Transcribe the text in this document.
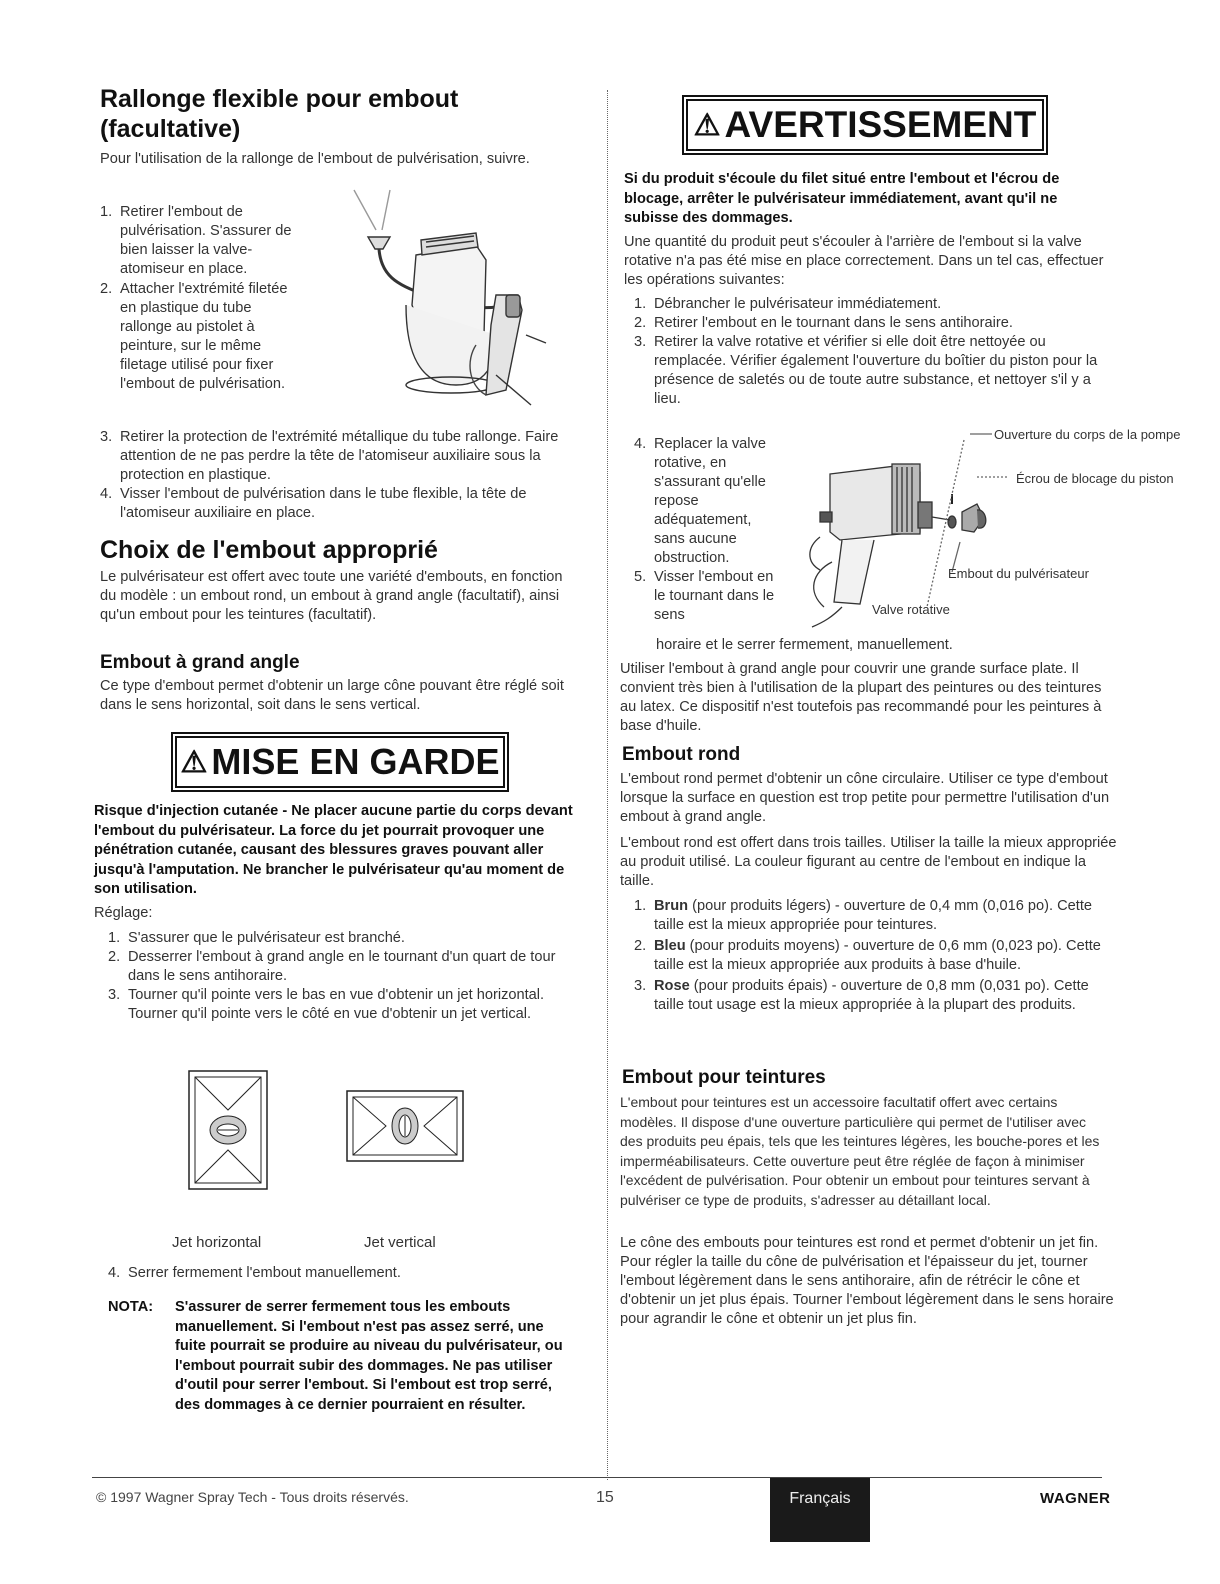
Rallonge flexible pour embout
(facultative)

Pour l'utilisation de la rallonge de l'embout de pulvérisation, suivre.

1. Retirer l'embout de pulvérisation. S'assurer de bien laisser la valve-atomiseur en place.
2. Attacher l'extrémité filetée en plastique du tube rallonge au pistolet à peinture, sur le même filetage utilisé pour fixer l'embout de pulvérisation.
3. Retirer la protection de l'extrémité métallique du tube rallonge. Faire attention de ne pas perdre la tête de l'atomiseur auxiliaire sous la protection en plastique.
4. Visser l'embout de pulvérisation dans le tube flexible, la tête de l'atomiseur auxiliaire en place.
Choix de l'embout approprié

Le pulvérisateur est offert avec toute une variété d'embouts, en fonction du modèle : un embout rond, un embout à grand angle (facultatif), ainsi qu'un embout pour les teintures (facultatif).

Embout à grand angle

Ce type d'embout permet d'obtenir un large cône pouvant être réglé soit dans le sens horizontal, soit dans le sens vertical.

⚠ MISE EN GARDE

Risque d'injection cutanée - Ne placer aucune partie du corps devant l'embout du pulvérisateur. La force du jet pourrait provoquer une pénétration cutanée, causant des blessures graves pouvant aller jusqu'à l'amputation. Ne brancher le pulvérisateur qu'au moment de son utilisation.

Réglage:

1. S'assurer que le pulvérisateur est branché.
2. Desserrer l'embout à grand angle en le tournant d'un quart de tour dans le sens antihoraire.
3. Tourner qu'il pointe vers le bas en vue d'obtenir un jet horizontal. Tourner qu'il pointe vers le côté en vue d'obtenir un jet vertical.
Jet horizontal	Jet vertical
4. Serrer fermement l'embout manuellement.
NOTA: S'assurer de serrer fermement tous les embouts manuellement. Si l'embout n'est pas assez serré, une fuite pourrait se produire au niveau du pulvérisateur, ou l'embout pourrait subir des dommages. Ne pas utiliser d'outil pour serrer l'embout. Si l'embout est trop serré, des dommages à ce dernier pourraient en résulter.
⚠ AVERTISSEMENT

Si du produit s'écoule du filet situé entre l'embout et l'écrou de blocage, arrêter le pulvérisateur immédiatement, avant qu'il ne subisse des dommages.

Une quantité du produit peut s'écouler à l'arrière de l'embout si la valve rotative n'a pas été mise en place correctement. Dans un tel cas, effectuer les opérations suivantes:

1. Débrancher le pulvérisateur immédiatement.
2. Retirer l'embout en le tournant dans le sens antihoraire.
3. Retirer la valve rotative et vérifier si elle doit être nettoyée ou remplacée. Vérifier également l'ouverture du boîtier du piston pour la présence de saletés ou de toute autre substance, et nettoyer s'il y a lieu.
4. Replacer la valve rotative, en s'assurant qu'elle repose adéquatement, sans aucune obstruction.
5. Visser l'embout en le tournant dans le sens

horaire et le serrer fermement, manuellement.

Ouverture du corps de la pompe
Écrou de blocage du piston
Embout du pulvérisateur
Valve rotative

Utiliser l'embout à grand angle pour couvrir une grande surface plate. Il convient très bien à l'utilisation de la plupart des peintures ou des teintures au latex. Ce dispositif n'est toutefois pas recommandé pour les peintures à base d'huile.

Embout rond

L'embout rond permet d'obtenir un cône circulaire. Utiliser ce type d'embout lorsque la surface en question est trop petite pour permettre l'utilisation d'un embout à grand angle.

L'embout rond est offert dans trois tailles. Utiliser la taille la mieux appropriée au produit utilisé. La couleur figurant au centre de l'embout en indique la taille.

1. Brun (pour produits légers) - ouverture de 0,4 mm (0,016 po). Cette taille est la mieux appropriée pour teintures.
2. Bleu (pour produits moyens) - ouverture de 0,6 mm (0,023 po). Cette taille est la mieux appropriée aux produits à base d'huile.
3. Rose (pour produits épais) - ouverture de 0,8 mm (0,031 po). Cette taille tout usage est la mieux appropriée à la plupart des produits.
Embout pour teintures

L'embout pour teintures est un accessoire facultatif offert avec certains modèles. Il dispose d'une ouverture particulière qui permet de l'utiliser avec des produits peu épais, tels que les teintures légères, les bouche-pores et les imperméabilisateurs. Cette ouverture peut être réglée de façon à minimiser l'excédent de pulvérisation. Pour obtenir un embout pour teintures servant à pulvériser ce type de produits, s'adresser au détaillant local.

Le cône des embouts pour teintures est rond et permet d'obtenir un jet fin. Pour régler la taille du cône de pulvérisation et l'épaisseur du jet, tourner l'embout légèrement dans le sens antihoraire, afin de rétrécir le cône et d'obtenir un jet plus épais. Tourner l'embout légèrement dans le sens horaire pour agrandir le cône et obtenir un jet plus fin.

© 1997 Wagner Spray Tech - Tous droits réservés.	15	Français	WAGNER
